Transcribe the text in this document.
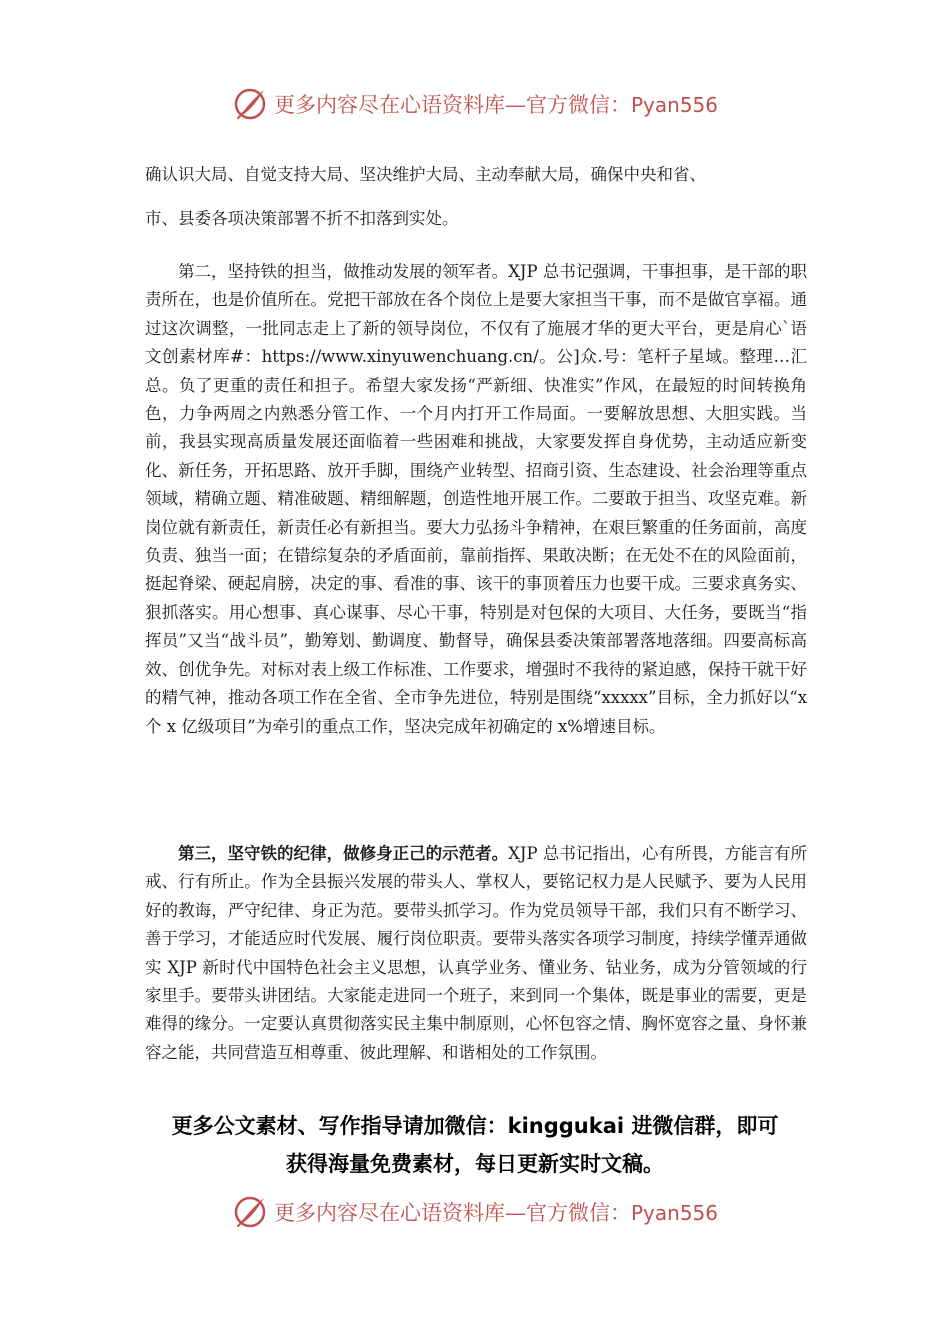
更多内容尽在心语资料库—官方微信：Pyan556
确认识大局、自觉支持大局、坚决维护大局、主动奉献大局，确保中央和省、
市、县委各项决策部署不折不扣落到实处。

第二，坚持铁的担当，做推动发展的领军者。XJP 总书记强调，干事担事，是干部的职责所在，也是价值所在。党把干部放在各个岗位上是要大家担当干事，而不是做官享福。通过这次调整，一批同志走上了新的领导岗位，不仅有了施展才华的更大平台，更是肩心`语文创素材库#：https://www.xinyuwenchuang.cn/。公]众.号：笔杆子星域。整理…汇总。负了更重的责任和担子。希望大家发扬“严新细、快准实”作风，在最短的时间转换角色，力争两周之内熟悉分管工作、一个月内打开工作局面。一要解放思想、大胆实践。当前，我县实现高质量发展还面临着一些困难和挑战，大家要发挥自身优势，主动适应新变化、新任务，开拓思路、放开手脚，围绕产业转型、招商引资、生态建设、社会治理等重点领域，精确立题、精准破题、精细解题，创造性地开展工作。二要敢于担当、攻坚克难。新岗位就有新责任，新责任必有新担当。要大力弘扬斗争精神，在艰巨繁重的任务面前，高度负责、独当一面；在错综复杂的矛盾面前，靠前指挥、果敢决断；在无处不在的风险面前，挺起脊梁、硬起肩膀，决定的事、看准的事、该干的事顶着压力也要干成。三要求真务实、狠抓落实。用心想事、真心谋事、尽心干事，特别是对包保的大项目、大任务，要既当“指挥员”又当“战斗员”，勤筹划、勤调度、勤督导，确保县委决策部署落地落细。四要高标高效、创优争先。对标对表上级工作标准、工作要求，增强时不我待的紧迫感，保持干就干好的精气神，推动各项工作在全省、全市争先进位，特别是围绕“xxxxx”目标，全力抓好以“x 个 x 亿级项目”为牵引的重点工作，坚决完成年初确定的 x%增速目标。

第三，坚守铁的纪律，做修身正己的示范者。XJP 总书记指出，心有所畏，方能言有所戒、行有所止。作为全县振兴发展的带头人、掌权人，要铭记权力是人民赋予、要为人民用好的教诲，严守纪律、身正为范。要带头抓学习。作为党员领导干部，我们只有不断学习、善于学习，才能适应时代发展、履行岗位职责。要带头落实各项学习制度，持续学懂弄通做实 XJP 新时代中国特色社会主义思想，认真学业务、懂业务、钻业务，成为分管领域的行家里手。要带头讲团结。大家能走进同一个班子，来到同一个集体，既是事业的需要，更是难得的缘分。一定要认真贯彻落实民主集中制原则，心怀包容之情、胸怀宽容之量、身怀兼容之能，共同营造互相尊重、彼此理解、和谐相处的工作氛围。

更多公文素材、写作指导请加微信：kinggukai 进微信群，即可
获得海量免费素材，每日更新实时文稿。
更多内容尽在心语资料库—官方微信：Pyan556
